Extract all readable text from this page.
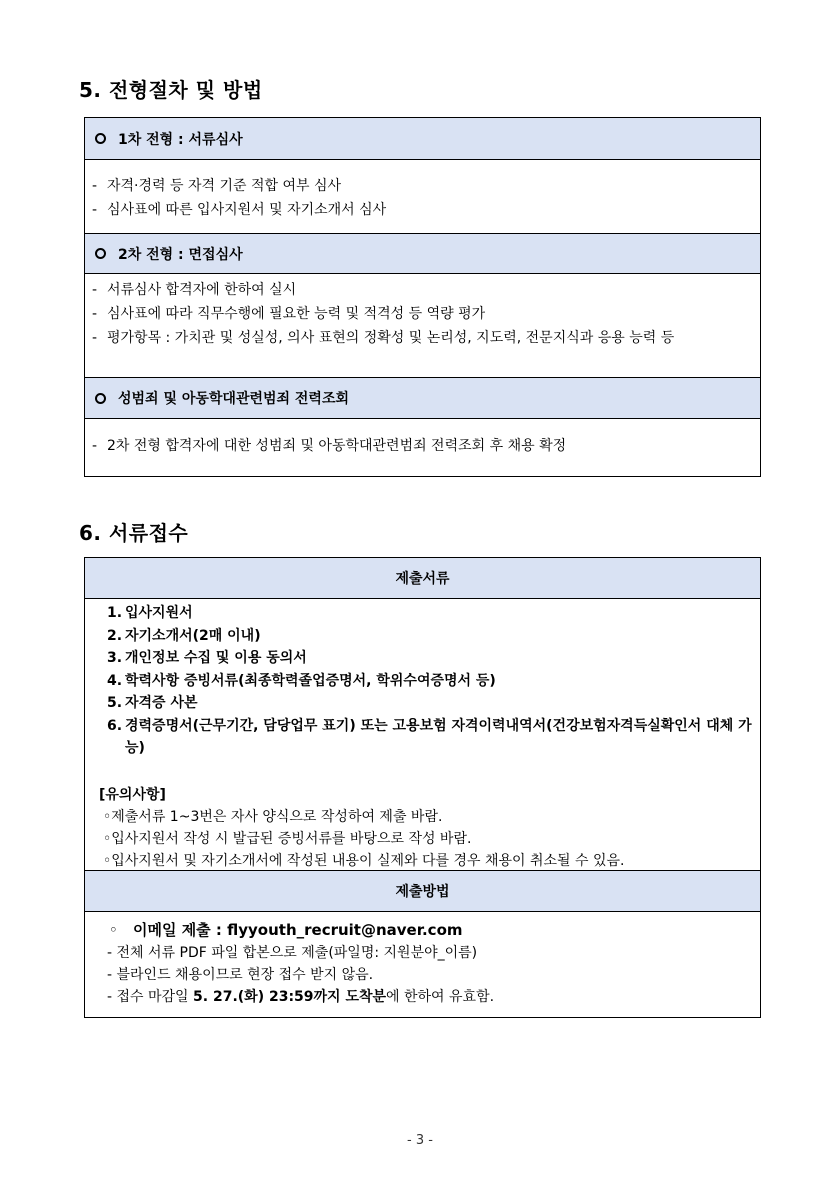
5. 전형절차 및 방법
1차 전형 : 서류심사
- 자격·경력 등 자격 기준 적합 여부 심사
- 심사표에 따른 입사지원서 및 자기소개서 심사
2차 전형 : 면접심사
- 서류심사 합격자에 한하여 실시
- 심사표에 따라 직무수행에 필요한 능력 및 적격성 등 역량 평가
- 평가항목 : 가치관 및 성실성, 의사 표현의 정확성 및 논리성, 지도력, 전문지식과 응용 능력 등
성범죄 및 아동학대관련범죄 전력조회
- 2차 전형 합격자에 대한 성범죄 및 아동학대관련범죄 전력조회 후 채용 확정
6. 서류접수
제출서류
1. 입사지원서
2. 자기소개서(2매 이내)
3. 개인정보 수집 및 이용 동의서
4. 학력사항 증빙서류(최종학력졸업증명서, 학위수여증명서 등)
5. 자격증 사본
6. 경력증명서(근무기간, 담당업무 표기) 또는 고용보험 자격이력내역서(건강보험자격득실확인서 대체 가능)
[유의사항]
◦제출서류 1~3번은 자사 양식으로 작성하여 제출 바람.
◦입사지원서 작성 시 발급된 증빙서류를 바탕으로 작성 바람.
◦입사지원서 및 자기소개서에 작성된 내용이 실제와 다를 경우 채용이 취소될 수 있음.
제출방법
◦ 이메일 제출 : flyyouth_recruit@naver.com
- 전체 서류 PDF 파일 합본으로 제출(파일명: 지원분야_이름)
- 블라인드 채용이므로 현장 접수 받지 않음.
- 접수 마감일 5. 27.(화) 23:59까지 도착분에 한하여 유효함.
- 3 -
